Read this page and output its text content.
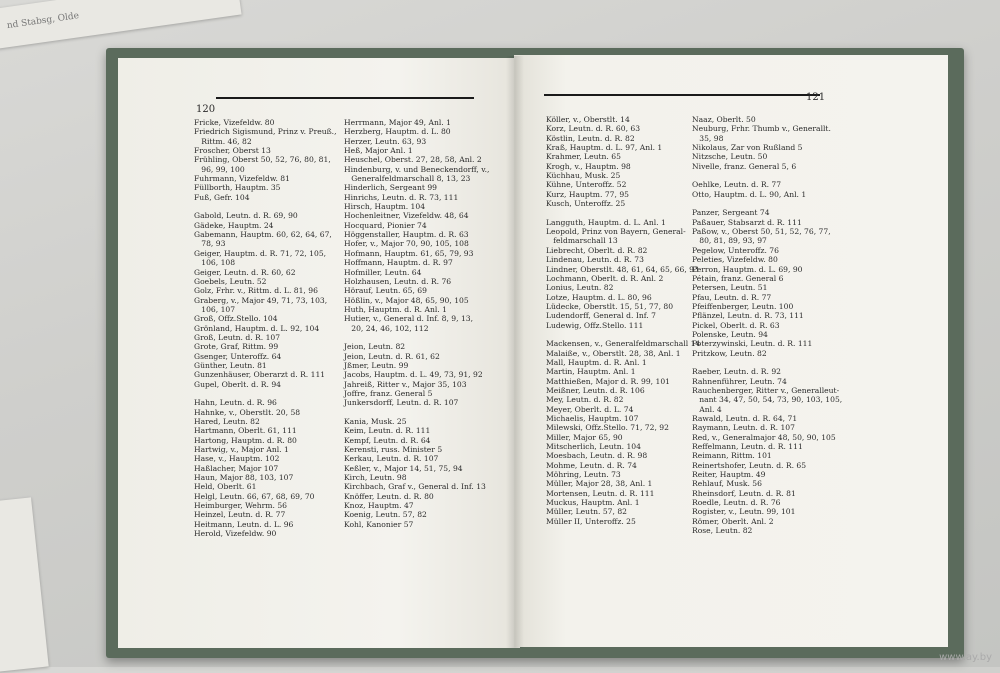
nd Stabsg, Olde
120
Fricke, Vizefeldw. 80
Friedrich Sigismund, Prinz v. Preuß.,
Rittm. 46, 82
Froscher, Oberst 13
Frühling, Oberst 50, 52, 76, 80, 81,
96, 99, 100
Fuhrmann, Vizefeldw. 81
Füllborth, Hauptm. 35
Fuß, Gefr. 104
Gabold, Leutn. d. R. 69, 90
Gädeke, Hauptm. 24
Gabemann, Hauptm. 60, 62, 64, 67,
78, 93
Geiger, Hauptm. d. R. 71, 72, 105,
106, 108
Geiger, Leutn. d. R. 60, 62
Goebels, Leutn. 52
Golz, Frhr. v., Rittm. d. L. 81, 96
Graberg, v., Major 49, 71, 73, 103,
106, 107
Groß, Offz.Stello. 104
Grönland, Hauptm. d. L. 92, 104
Groß, Leutn. d. R. 107
Grote, Graf, Rittm. 99
Gsenger, Unteroffz. 64
Günther, Leutn. 81
Gunzenhäuser, Oberarzt d. R. 111
Gupel, Oberlt. d. R. 94
Hahn, Leutn. d. R. 96
Hahnke, v., Oberstlt. 20, 58
Hared, Leutn. 82
Hartmann, Oberlt. 61, 111
Hartong, Hauptm. d. R. 80
Hartwig, v., Major Anl. 1
Hase, v., Hauptm. 102
Haßlacher, Major 107
Haun, Major 88, 103, 107
Held, Oberlt. 61
Helgl, Leutn. 66, 67, 68, 69, 70
Heimburger, Wehrm. 56
Heinzel, Leutn. d. R. 77
Heitmann, Leutn. d. L. 96
Herold, Vizefeldw. 90
Herrmann, Major 49, Anl. 1
Herzberg, Hauptm. d. L. 80
Herzer, Leutn. 63, 93
Heß, Major Anl. 1
Heuschel, Oberst. 27, 28, 58, Anl. 2
Hindenburg, v. und Beneckendorff, v.,
Generalfeldmarschall 8, 13, 23
Hinderlich, Sergeant 99
Hinrichs, Leutn. d. R. 73, 111
Hirsch, Hauptm. 104
Hochenleitner, Vizefeldw. 48, 64
Hocquard, Pionier 74
Höggenstaller, Hauptm. d. R. 63
Hofer, v., Major 70, 90, 105, 108
Hofmann, Hauptm. 61, 65, 79, 93
Hoffmann, Hauptm. d. R. 97
Hofmiller, Leutn. 64
Holzhausen, Leutn. d. R. 76
Hörauf, Leutn. 65, 69
Hößlin, v., Major 48, 65, 90, 105
Huth, Hauptm. d. R. Anl. 1
Hutier, v., General d. Inf. 8, 9, 13,
20, 24, 46, 102, 112
Jeion, Leutn. 82
Jeion, Leutn. d. R. 61, 62
Jßmer, Leutn. 99
Jacobs, Hauptm. d. L. 49, 73, 91, 92
Jahreiß, Ritter v., Major 35, 103
Joffre, franz. General 5
Junkersdorff, Leutn. d. R. 107
Kania, Musk. 25
Keim, Leutn. d. R. 111
Kempf, Leutn. d. R. 64
Kerensti, russ. Minister 5
Kerkau, Leutn. d. R. 107
Keßler, v., Major 14, 51, 75, 94
Kirch, Leutn. 98
Kirchbach, Graf v., General d. Inf. 13
Knöffer, Leutn. d. R. 80
Knoz, Hauptm. 47
Koenig, Leutn. 57, 82
Kohl, Kanonier 57
121
Köller, v., Oberstlt. 14
Korz, Leutn. d. R. 60, 63
Köstlin, Leutn. d. R. 82
Kraß, Hauptm. d. L. 97, Anl. 1
Krahmer, Leutn. 65
Krogh, v., Hauptm. 98
Küchhau, Musk. 25
Kühne, Unteroffz. 52
Kurz, Hauptm. 77, 95
Kusch, Unteroffz. 25
Langguth, Hauptm. d. L. Anl. 1
Leopold, Prinz von Bayern, General-
feldmarschall 13
Liebrecht, Oberlt. d. R. 82
Lindenau, Leutn. d. R. 73
Lindner, Oberstlt. 48, 61, 64, 65, 66, 93
Lochmann, Oberlt. d. R. Anl. 2
Lonius, Leutn. 82
Lotze, Hauptm. d. L. 80, 96
Lüdecke, Oberstlt. 15, 51, 77, 80
Ludendorff, General d. Inf. 7
Ludewig, Offz.Stello. 111
Mackensen, v., Generalfeldmarschall 14
Malaiße, v., Oberstlt. 28, 38, Anl. 1
Mall, Hauptm. d. R. Anl. 1
Martin, Hauptm. Anl. 1
Matthießen, Major d. R. 99, 101
Meißner, Leutn. d. R. 106
Mey, Leutn. d. R. 82
Meyer, Oberlt. d. L. 74
Michaelis, Hauptm. 107
Milewski, Offz.Stello. 71, 72, 92
Miller, Major 65, 90
Mitscherlich, Leutn. 104
Moesbach, Leutn. d. R. 98
Mohme, Leutn. d. R. 74
Möhring, Leutn. 73
Müller, Major 28, 38, Anl. 1
Mortensen, Leutn. d. R. 111
Muckus, Hauptm. Anl. 1
Müller, Leutn. 57, 82
Müller II, Unteroffz. 25
Naaz, Oberlt. 50
Neuburg, Frhr. Thumb v., Generallt.
35, 98
Nikolaus, Zar von Rußland 5
Nitzsche, Leutn. 50
Nivelle, franz. General 5, 6
Oehlke, Leutn. d. R. 77
Otto, Hauptm. d. L. 90, Anl. 1
Panzer, Sergeant 74
Paßauer, Stabsarzt d. R. 111
Paßow, v., Oberst 50, 51, 52, 76, 77,
80, 81, 89, 93, 97
Pegelow, Unteroffz. 76
Peleties, Vizefeldw. 80
Perron, Hauptm. d. L. 69, 90
Pétain, franz. General 6
Petersen, Leutn. 51
Pfau, Leutn. d. R. 77
Pfeiffenberger, Leutn. 100
Pflänzel, Leutn. d. R. 73, 111
Pickel, Oberlt. d. R. 63
Polenske, Leutn. 94
Poterzywinski, Leutn. d. R. 111
Pritzkow, Leutn. 82
Raeber, Leutn. d. R. 92
Rahnenführer, Leutn. 74
Rauchenberger, Ritter v., Generalleut-
nant 34, 47, 50, 54, 73, 90, 103, 105,
Anl. 4
Rawald, Leutn. d. R. 64, 71
Raymann, Leutn. d. R. 107
Red, v., Generalmajor 48, 50, 90, 105
Reffelmann, Leutn. d. R. 111
Reimann, Rittm. 101
Reinertshofer, Leutn. d. R. 65
Reiter, Hauptm. 49
Rehlauf, Musk. 56
Rheinsdorf, Leutn. d. R. 81
Roedle, Leutn. d. R. 76
Rogister, v., Leutn. 99, 101
Römer, Oberlt. Anl. 2
Rose, Leutn. 82
www.ay.by
